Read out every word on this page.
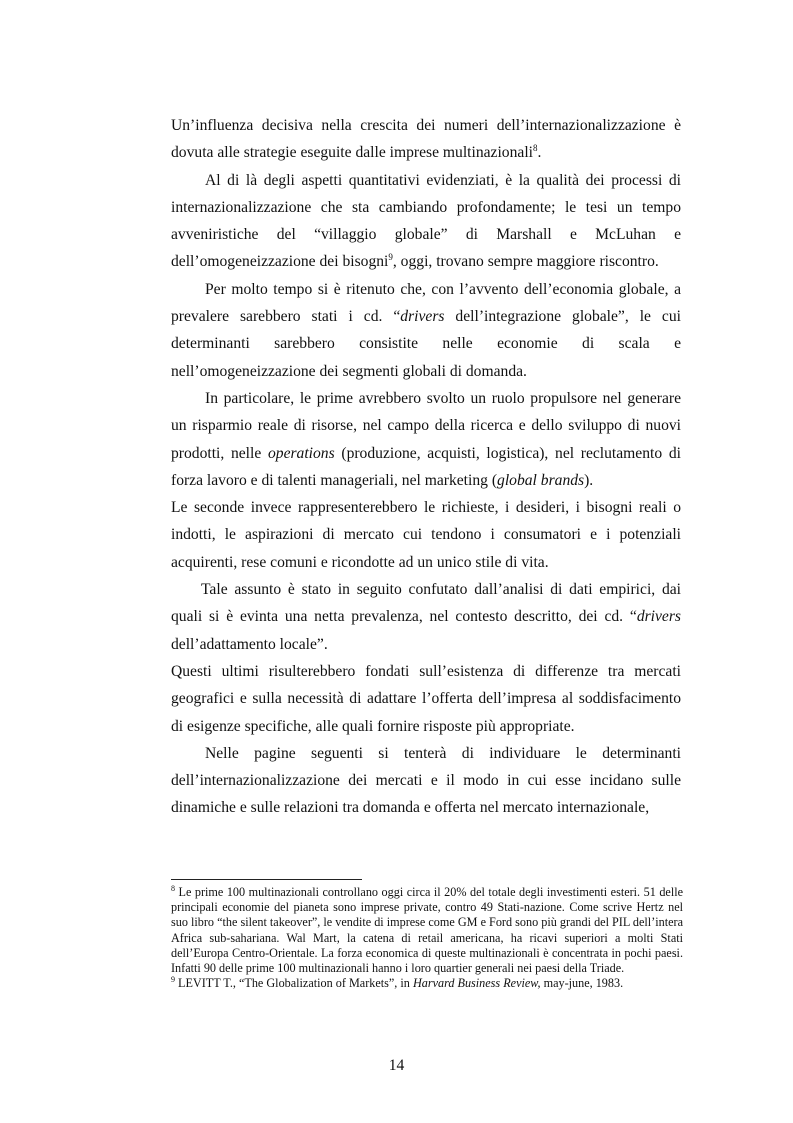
Un’influenza decisiva nella crescita dei numeri dell’internazionalizzazione è dovuta alle strategie eseguite dalle imprese multinazionali$^8$.

Al di là degli aspetti quantitativi evidenziati, è la qualità dei processi di internazionalizzazione che sta cambiando profondamente; le tesi un tempo avveniristiche del “villaggio globale” di Marshall e McLuhan e dell’omogeneizzazione dei bisogni$^9$, oggi, trovano sempre maggiore riscontro.

Per molto tempo si è ritenuto che, con l’avvento dell’economia globale, a prevalere sarebbero stati i cd. “drivers dell’integrazione globale”, le cui determinanti sarebbero consistite nelle economie di scala e nell’omogeneizzazione dei segmenti globali di domanda.

In particolare, le prime avrebbero svolto un ruolo propulsore nel generare un risparmio reale di risorse, nel campo della ricerca e dello sviluppo di nuovi prodotti, nelle operations (produzione, acquisti, logistica), nel reclutamento di forza lavoro e di talenti manageriali, nel marketing (global brands).

Le seconde invece rappresenterebbero le richieste, i desideri, i bisogni reali o indotti, le aspirazioni di mercato cui tendono i consumatori e i potenziali acquirenti, rese comuni e ricondotte ad un unico stile di vita.

Tale assunto è stato in seguito confutato dall’analisi di dati empirici, dai quali si è evinta una netta prevalenza, nel contesto descritto, dei cd. “drivers dell’adattamento locale”.

Questi ultimi risulterebbero fondati sull’esistenza di differenze tra mercati geografici e sulla necessità di adattare l’offerta dell’impresa al soddisfacimento di esigenze specifiche, alle quali fornire risposte più appropriate.

Nelle pagine seguenti si tenterà di individuare le determinanti dell’internazionalizzazione dei mercati e il modo in cui esse incidano sulle dinamiche e sulle relazioni tra domanda e offerta nel mercato internazionale,

$^8$ Le prime 100 multinazionali controllano oggi circa il 20% del totale degli investimenti esteri. 51 delle principali economie del pianeta sono imprese private, contro 49 Stati-nazione. Come scrive Hertz nel suo libro “the silent takeover”, le vendite di imprese come GM e Ford sono più grandi del PIL dell’intera Africa sub-sahariana. Wal Mart, la catena di retail americana, ha ricavi superiori a molti Stati dell’Europa Centro-Orientale. La forza economica di queste multinazionali è concentrata in pochi paesi. Infatti 90 delle prime 100 multinazionali hanno i loro quartier generali nei paesi della Triade.

$^9$ LEVITT T., “The Globalization of Markets”, in Harvard Business Review, may-june, 1983.

14
